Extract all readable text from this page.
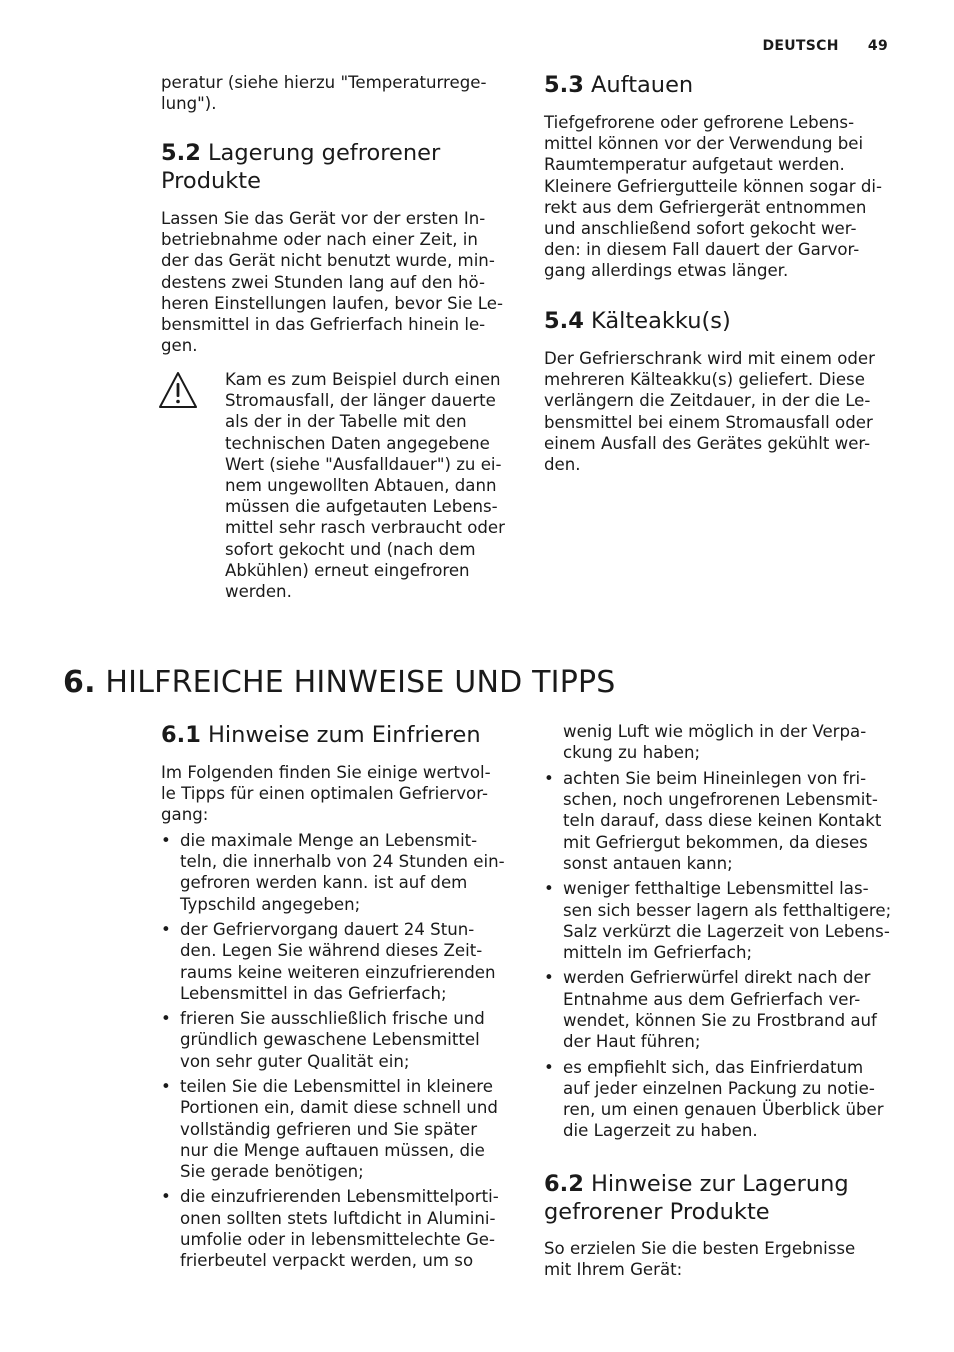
DEUTSCH 49

peratur (siehe hierzu "Temperaturrege-
lung").

5.2 Lagerung gefrorener
Produkte

Lassen Sie das Gerät vor der ersten In-
betriebnahme oder nach einer Zeit, in
der das Gerät nicht benutzt wurde, min-
destens zwei Stunden lang auf den hö-
heren Einstellungen laufen, bevor Sie Le-
bensmittel in das Gefrierfach hinein le-
gen.

Kam es zum Beispiel durch einen
Stromausfall, der länger dauerte
als der in der Tabelle mit den
technischen Daten angegebene
Wert (siehe "Ausfalldauer") zu ei-
nem ungewollten Abtauen, dann
müssen die aufgetauten Lebens-
mittel sehr rasch verbraucht oder
sofort gekocht und (nach dem
Abkühlen) erneut eingefroren
werden.

5.3 Auftauen

Tiefgefrorene oder gefrorene Lebens-
mittel können vor der Verwendung bei
Raumtemperatur aufgetaut werden.
Kleinere Gefriergutteile können sogar di-
rekt aus dem Gefriergerät entnommen
und anschließend sofort gekocht wer-
den: in diesem Fall dauert der Garvor-
gang allerdings etwas länger.

5.4 Kälteakku(s)

Der Gefrierschrank wird mit einem oder
mehreren Kälteakku(s) geliefert. Diese
verlängern die Zeitdauer, in der die Le-
bensmittel bei einem Stromausfall oder
einem Ausfall des Gerätes gekühlt wer-
den.

6. HILFREICHE HINWEISE UND TIPPS
6.1 Hinweise zum Einfrieren

Im Folgenden finden Sie einige wertvol-
le Tipps für einen optimalen Gefriervor-
gang:

• die maximale Menge an Lebensmit-
teln, die innerhalb von 24 Stunden ein-
gefroren werden kann. ist auf dem
Typschild angegeben;
• der Gefriervorgang dauert 24 Stun-
den. Legen Sie während dieses Zeit-
raums keine weiteren einzufrierenden
Lebensmittel in das Gefrierfach;
• frieren Sie ausschließlich frische und
gründlich gewaschene Lebensmittel
von sehr guter Qualität ein;
• teilen Sie die Lebensmittel in kleinere
Portionen ein, damit diese schnell und
vollständig gefrieren und Sie später
nur die Menge auftauen müssen, die
Sie gerade benötigen;
• die einzufrierenden Lebensmittelporti-
onen sollten stets luftdicht in Alumini-
umfolie oder in lebensmittelechte Ge-
frierbeutel verpackt werden, um so

wenig Luft wie möglich in der Verpa-
ckung zu haben;

• achten Sie beim Hineinlegen von fri-
schen, noch ungefrorenen Lebensmit-
teln darauf, dass diese keinen Kontakt
mit Gefriergut bekommen, da dieses
sonst antauen kann;
• weniger fetthaltige Lebensmittel las-
sen sich besser lagern als fetthaltigere;
Salz verkürzt die Lagerzeit von Lebens-
mitteln im Gefrierfach;
• werden Gefrierwürfel direkt nach der
Entnahme aus dem Gefrierfach ver-
wendet, können Sie zu Frostbrand auf
der Haut führen;
• es empfiehlt sich, das Einfrierdatum
auf jeder einzelnen Packung zu notie-
ren, um einen genauen Überblick über
die Lagerzeit zu haben.
6.2 Hinweise zur Lagerung
gefrorener Produkte

So erzielen Sie die besten Ergebnisse
mit Ihrem Gerät:
